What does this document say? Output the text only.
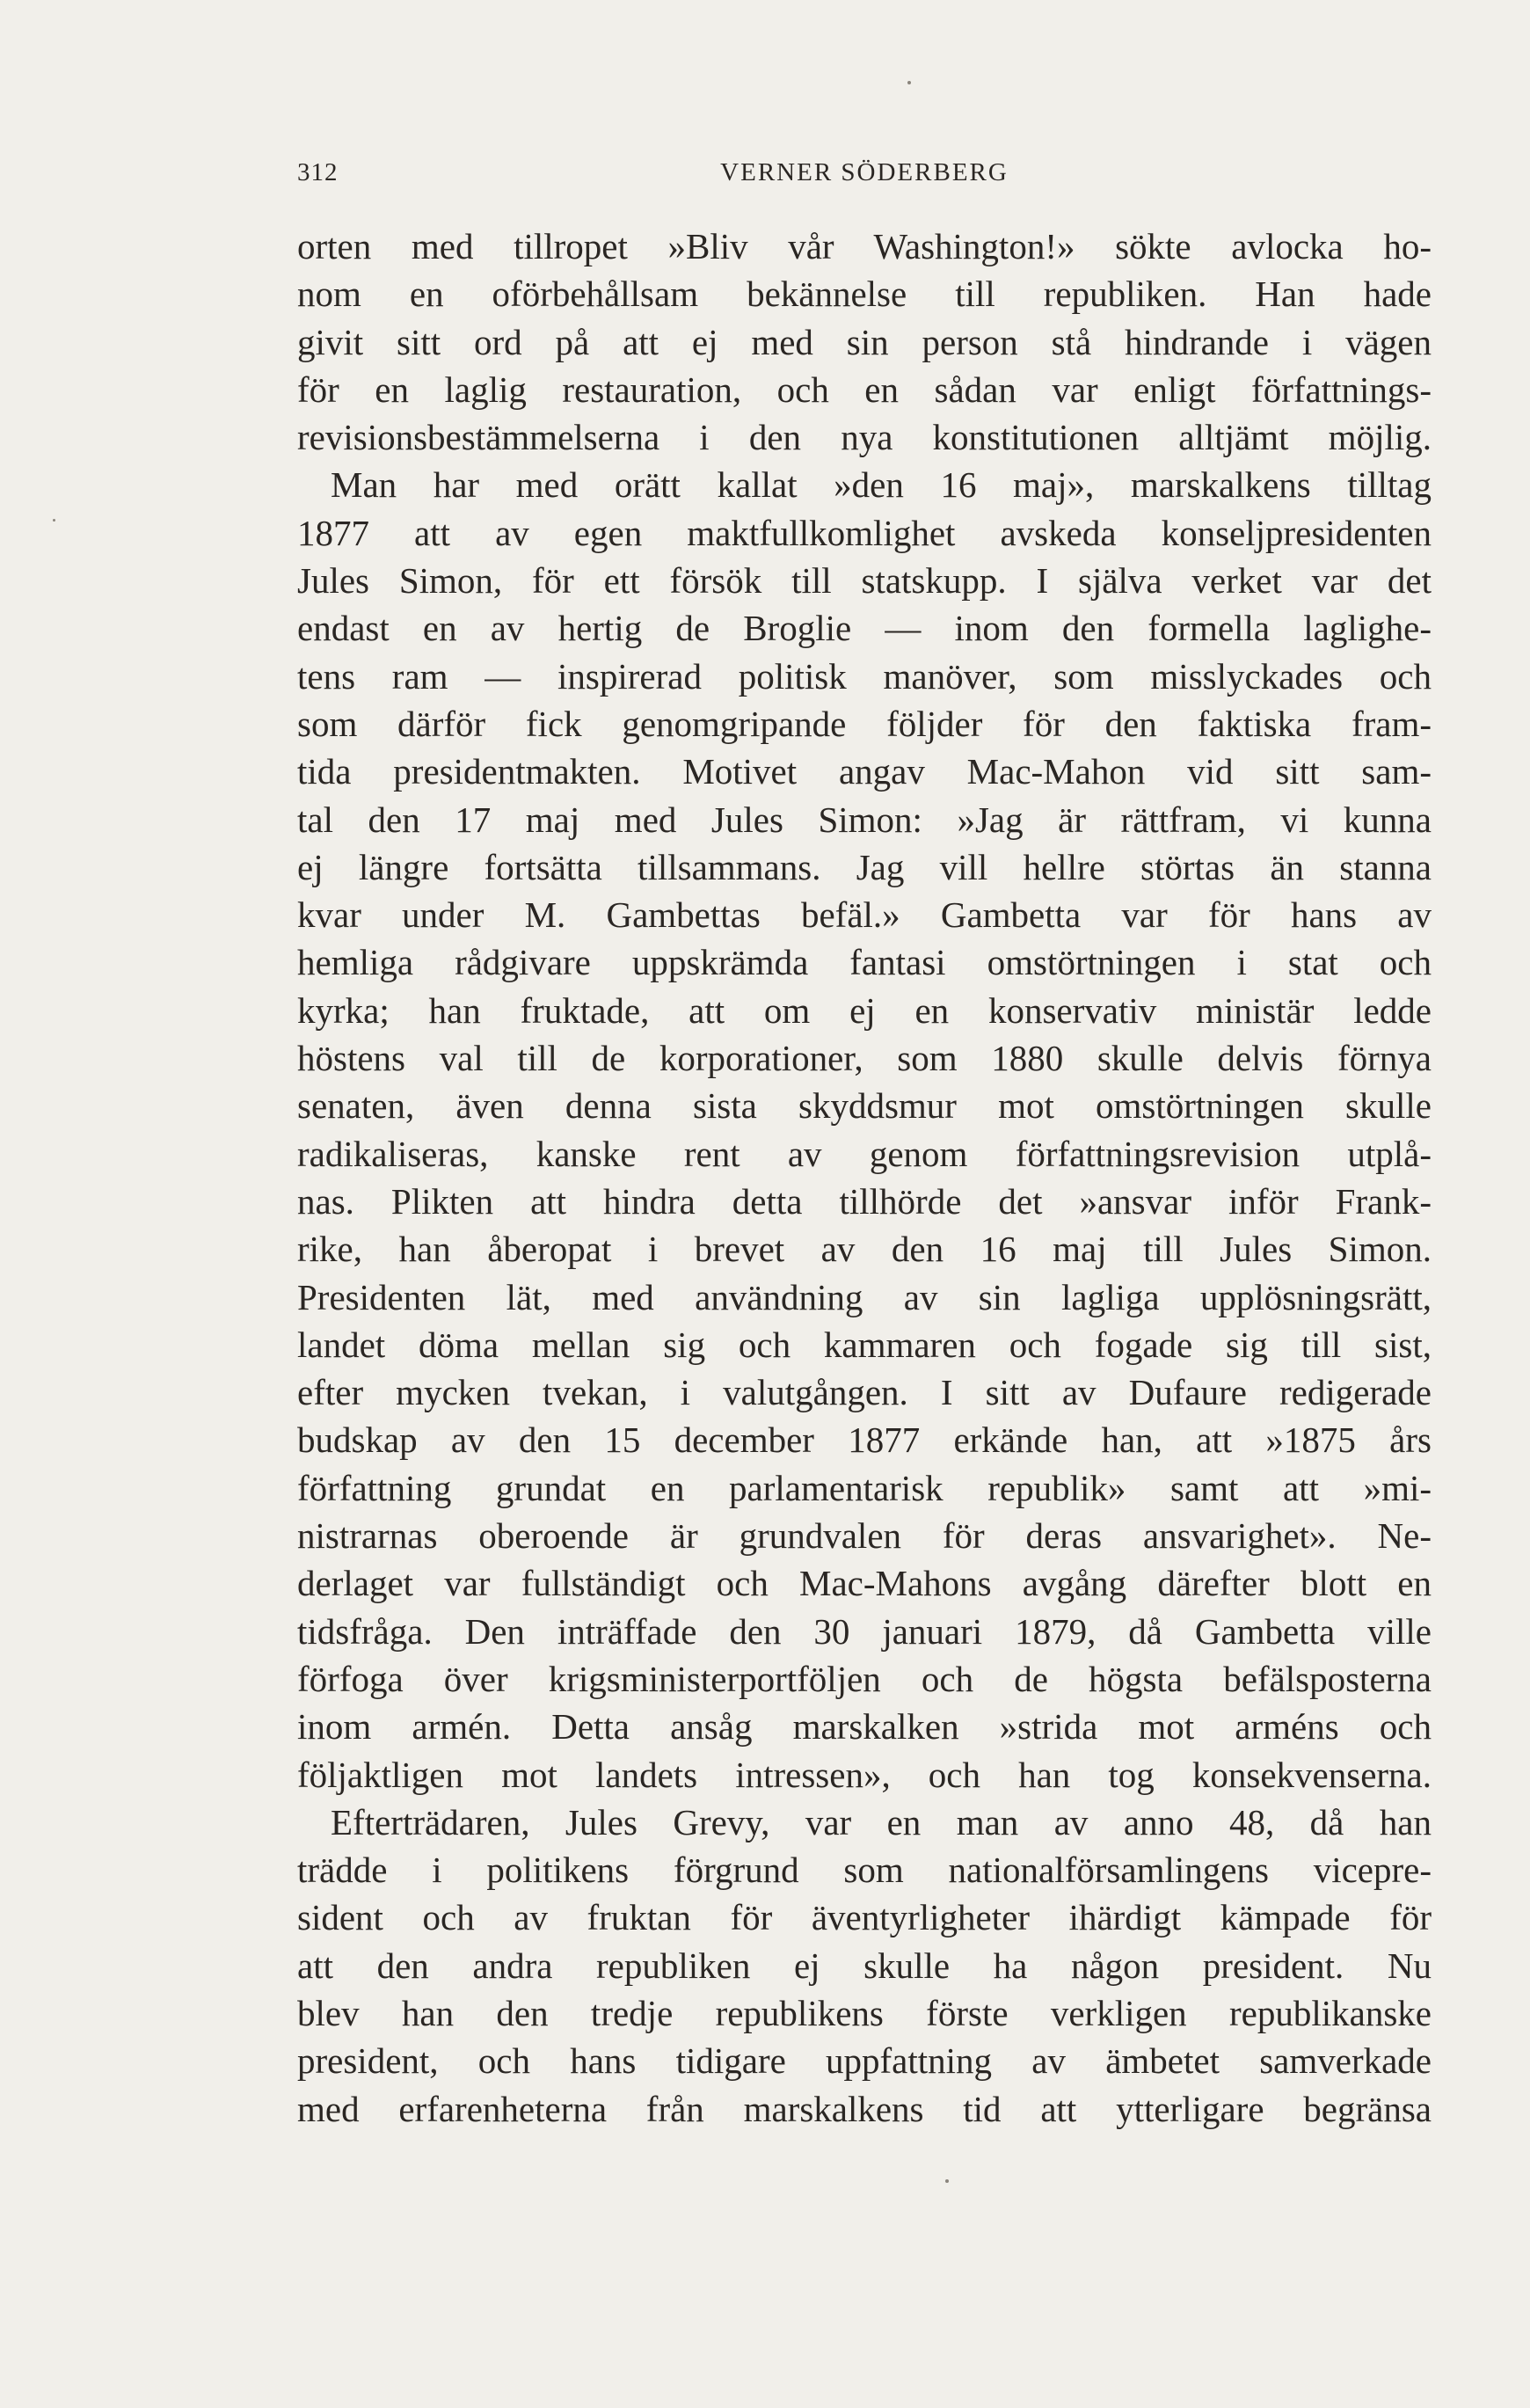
312	VERNER SÖDERBERG
orten med tillropet »Bliv vår Washington!» sökte avlocka ho-
nom en oförbehållsam bekännelse till republiken. Han hade
givit sitt ord på att ej med sin person stå hindrande i vägen
för en laglig restauration, och en sådan var enligt författnings-
revisionsbestämmelserna i den nya konstitutionen alltjämt möjlig.
Man har med orätt kallat »den 16 maj», marskalkens tilltag
1877 att av egen maktfullkomlighet avskeda konseljpresidenten
Jules Simon, för ett försök till statskupp. I själva verket var det
endast en av hertig de Broglie — inom den formella laglighe-
tens ram — inspirerad politisk manöver, som misslyckades och
som därför fick genomgripande följder för den faktiska fram-
tida presidentmakten. Motivet angav Mac-Mahon vid sitt sam-
tal den 17 maj med Jules Simon: »Jag är rättfram, vi kunna
ej längre fortsätta tillsammans. Jag vill hellre störtas än stanna
kvar under M. Gambettas befäl.» Gambetta var för hans av
hemliga rådgivare uppskrämda fantasi omstörtningen i stat och
kyrka; han fruktade, att om ej en konservativ ministär ledde
höstens val till de korporationer, som 1880 skulle delvis förnya
senaten, även denna sista skyddsmur mot omstörtningen skulle
radikaliseras, kanske rent av genom författningsrevision utplå-
nas. Plikten att hindra detta tillhörde det »ansvar inför Frank-
rike, han åberopat i brevet av den 16 maj till Jules Simon.
Presidenten lät, med användning av sin lagliga upplösningsrätt,
landet döma mellan sig och kammaren och fogade sig till sist,
efter mycken tvekan, i valutgången. I sitt av Dufaure redigerade
budskap av den 15 december 1877 erkände han, att »1875 års
författning grundat en parlamentarisk republik» samt att »mi-
nistrarnas oberoende är grundvalen för deras ansvarighet». Ne-
derlaget var fullständigt och Mac-Mahons avgång därefter blott en
tidsfråga. Den inträffade den 30 januari 1879, då Gambetta ville
förfoga över krigsministerportföljen och de högsta befälsposterna
inom armén. Detta ansåg marskalken »strida mot arméns och
följaktligen mot landets intressen», och han tog konsekvenserna.
Efterträdaren, Jules Grevy, var en man av anno 48, då han
trädde i politikens förgrund som nationalförsamlingens vicepre-
sident och av fruktan för äventyrligheter ihärdigt kämpade för
att den andra republiken ej skulle ha någon president. Nu
blev han den tredje republikens förste verkligen republikanske
president, och hans tidigare uppfattning av ämbetet samverkade
med erfarenheterna från marskalkens tid att ytterligare begränsa
